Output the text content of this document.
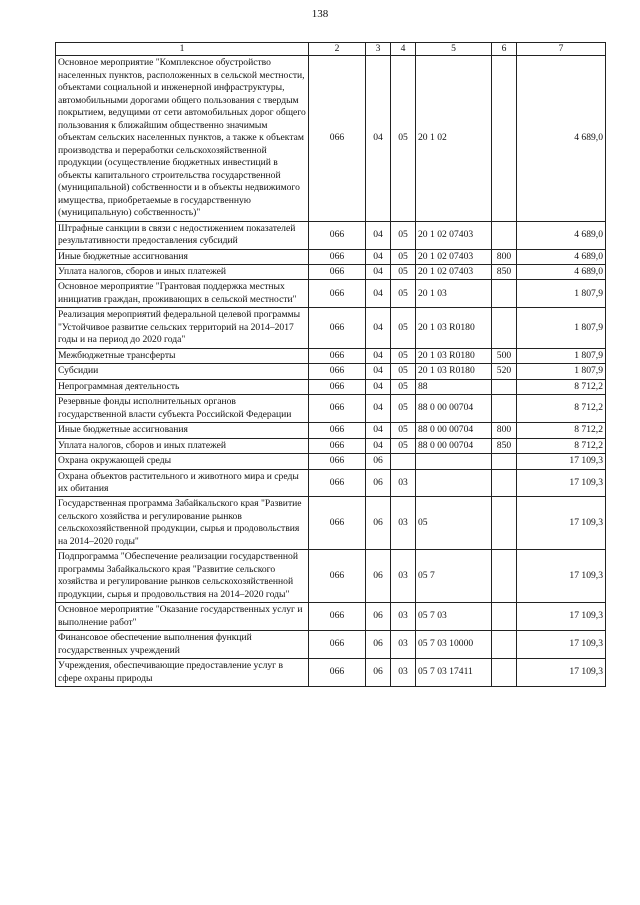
138
1	2	3	4	5	6	7
Основное мероприятие "Комплексное обустройство населенных пунктов, расположенных в сельской местности, объектами социальной и инженерной инфраструктуры, автомобильными дорогами общего пользования с твердым покрытием, ведущими от сети автомобильных дорог общего пользования к ближайшим общественно значимым объектам сельских населенных пунктов, а также к объектам производства и переработки сельскохозяйственной продукции (осуществление бюджетных инвестиций в объекты капитального строительства государственной (муниципальной) собственности и в объекты недвижимого имущества, приобретаемые в государственную (муниципальную) собственность)"	066	04	05	20 1 02		4 689,0
Штрафные санкции в связи с недостижением показателей результативности предоставления субсидий	066	04	05	20 1 02 07403		4 689,0
Иные бюджетные ассигнования	066	04	05	20 1 02 07403	800	4 689,0
Уплата налогов, сборов и иных платежей	066	04	05	20 1 02 07403	850	4 689,0
Основное мероприятие "Грантовая поддержка местных инициатив граждан, проживающих в сельской местности"	066	04	05	20 1 03		1 807,9
Реализация мероприятий федеральной целевой программы "Устойчивое развитие сельских территорий на 2014–2017 годы и на период до 2020 года"	066	04	05	20 1 03 R0180		1 807,9
Межбюджетные трансферты	066	04	05	20 1 03 R0180	500	1 807,9
Субсидии	066	04	05	20 1 03 R0180	520	1 807,9
Непрограммная деятельность	066	04	05	88		8 712,2
Резервные фонды исполнительных органов государственной власти субъекта Российской Федерации	066	04	05	88 0 00 00704		8 712,2
Иные бюджетные ассигнования	066	04	05	88 0 00 00704	800	8 712,2
Уплата налогов, сборов и иных платежей	066	04	05	88 0 00 00704	850	8 712,2
Охрана окружающей среды	066	06				17 109,3
Охрана объектов растительного и животного мира и среды их обитания	066	06	03			17 109,3
Государственная программа Забайкальского края "Развитие сельского хозяйства и регулирование рынков сельскохозяйственной продукции, сырья и продовольствия на 2014–2020 годы"	066	06	03	05		17 109,3
Подпрограмма "Обеспечение реализации государственной программы Забайкальского края "Развитие сельского хозяйства и регулирование рынков сельскохозяйственной продукции, сырья и продовольствия на 2014–2020 годы"	066	06	03	05 7		17 109,3
Основное мероприятие "Оказание государственных услуг и выполнение работ"	066	06	03	05 7 03		17 109,3
Финансовое обеспечение выполнения функций государственных учреждений	066	06	03	05 7 03 10000		17 109,3
Учреждения, обеспечивающие предоставление услуг в сфере охраны природы	066	06	03	05 7 03 17411		17 109,3
